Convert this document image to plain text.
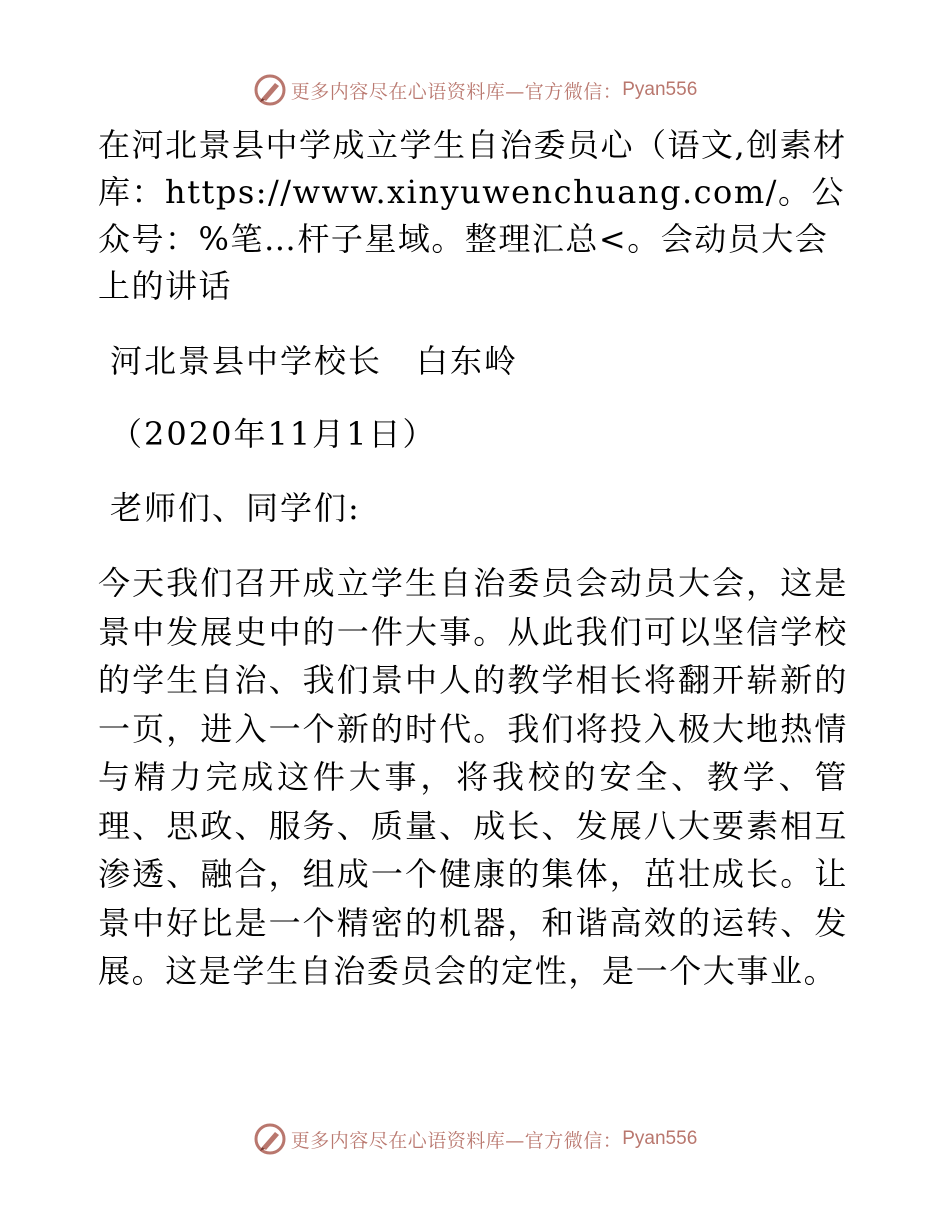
更多内容尽在心语资料库—官方微信： Pyan556

在河北景县中学成立学生自治委员心（语文,创素材库：https://www.xinyuwenchuang.com/。公众号：%笔…杆子星域。整理汇总<。会动员大会上的讲话

河北景县中学校长 白东岭

（2020年11月1日）

老师们、同学们:

今天我们召开成立学生自治委员会动员大会，这是景中发展史中的一件大事。从此我们可以坚信学校的学生自治、我们景中人的教学相长将翻开崭新的一页，进入一个新的时代。我们将投入极大地热情与精力完成这件大事，将我校的安全、教学、管理、思政、服务、质量、成长、发展八大要素相互渗透、融合，组成一个健康的集体，茁壮成长。让景中好比是一个精密的机器，和谐高效的运转、发展。这是学生自治委员会的定性，是一个大事业。

更多内容尽在心语资料库—官方微信： Pyan556
